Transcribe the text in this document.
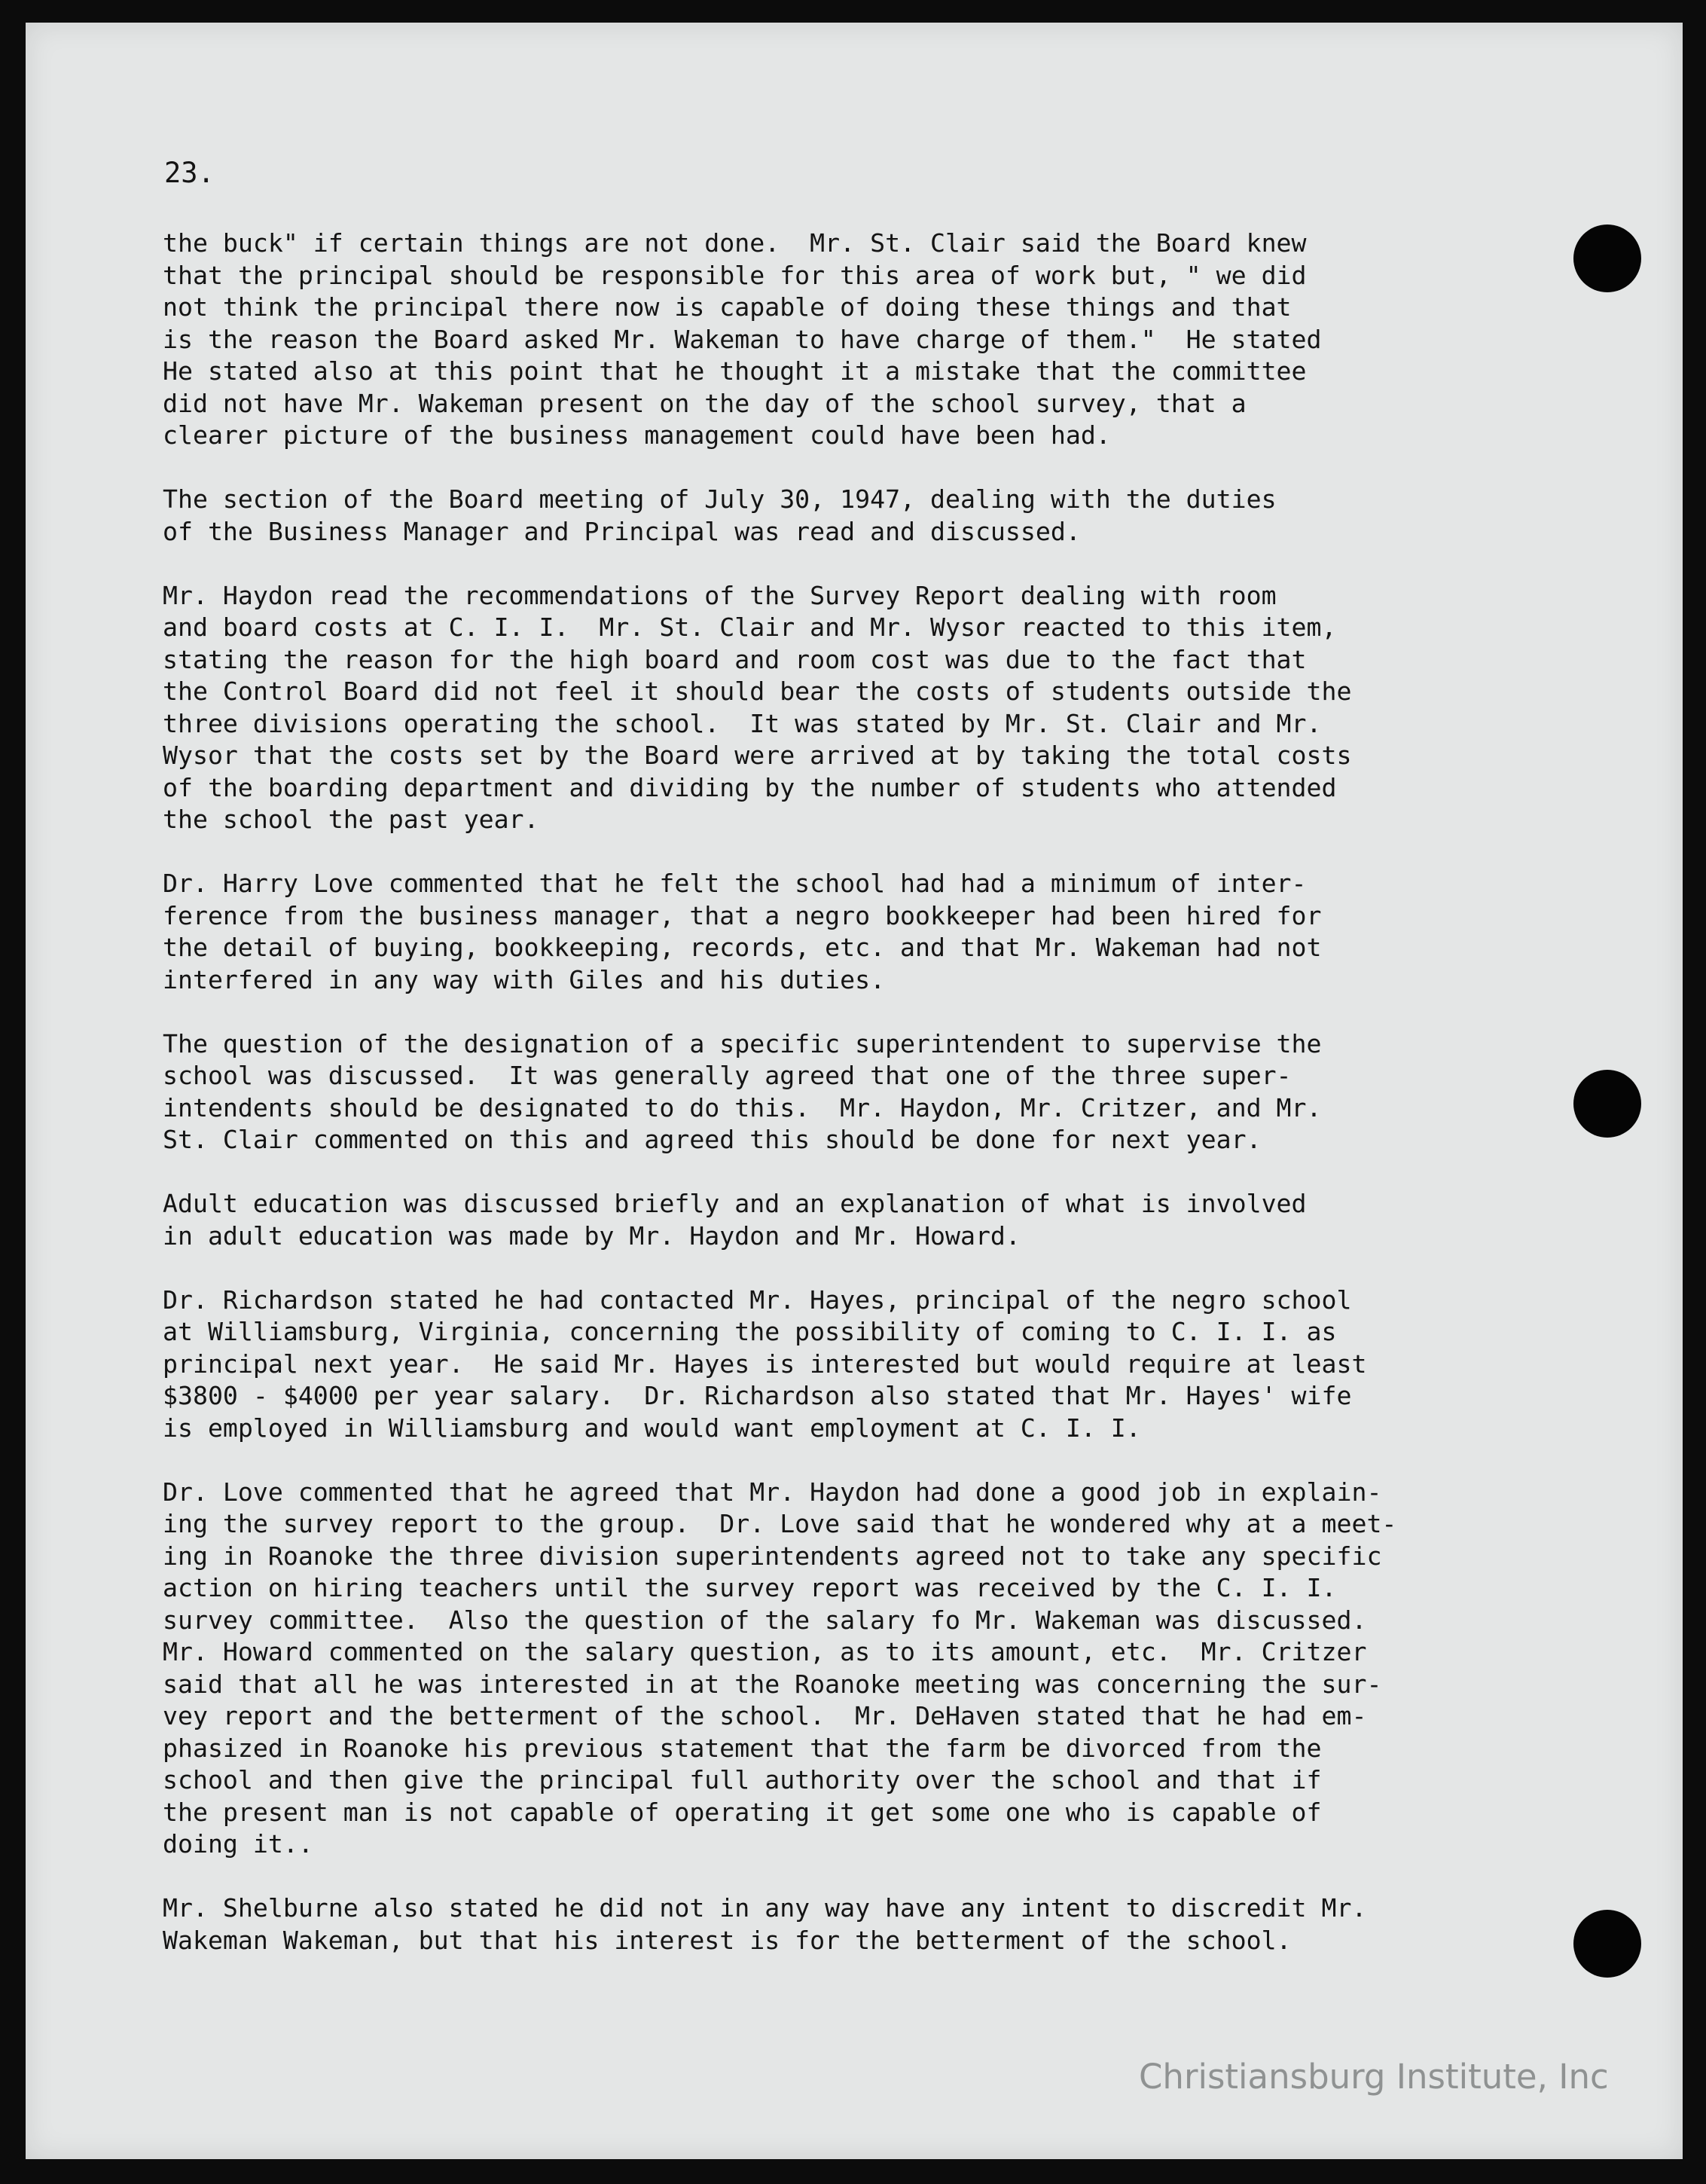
23.

the buck" if certain things are not done.  Mr. St. Clair said the Board knew
that the principal should be responsible for this area of work but, " we did
not think the principal there now is capable of doing these things and that
is the reason the Board asked Mr. Wakeman to have charge of them."  He stated
He stated also at this point that he thought it a mistake that the committee
did not have Mr. Wakeman present on the day of the school survey, that a
clearer picture of the business management could have been had.

The section of the Board meeting of July 30, 1947, dealing with the duties
of the Business Manager and Principal was read and discussed.

Mr. Haydon read the recommendations of the Survey Report dealing with room
and board costs at C. I. I.  Mr. St. Clair and Mr. Wysor reacted to this item,
stating the reason for the high board and room cost was due to the fact that
the Control Board did not feel it should bear the costs of students outside the
three divisions operating the school.  It was stated by Mr. St. Clair and Mr.
Wysor that the costs set by the Board were arrived at by taking the total costs
of the boarding department and dividing by the number of students who attended
the school the past year.

Dr. Harry Love commented that he felt the school had had a minimum of inter-
ference from the business manager, that a negro bookkeeper had been hired for
the detail of buying, bookkeeping, records, etc. and that Mr. Wakeman had not
interfered in any way with Giles and his duties.

The question of the designation of a specific superintendent to supervise the
school was discussed.  It was generally agreed that one of the three super-
intendents should be designated to do this.  Mr. Haydon, Mr. Critzer, and Mr.
St. Clair commented on this and agreed this should be done for next year.

Adult education was discussed briefly and an explanation of what is involved
in adult education was made by Mr. Haydon and Mr. Howard.

Dr. Richardson stated he had contacted Mr. Hayes, principal of the negro school
at Williamsburg, Virginia, concerning the possibility of coming to C. I. I. as
principal next year.  He said Mr. Hayes is interested but would require at least
$3800 - $4000 per year salary.  Dr. Richardson also stated that Mr. Hayes' wife
is employed in Williamsburg and would want employment at C. I. I.

Dr. Love commented that he agreed that Mr. Haydon had done a good job in explain-
ing the survey report to the group.  Dr. Love said that he wondered why at a meet-
ing in Roanoke the three division superintendents agreed not to take any specific
action on hiring teachers until the survey report was received by the C. I. I.
survey committee.  Also the question of the salary fo Mr. Wakeman was discussed.
Mr. Howard commented on the salary question, as to its amount, etc.  Mr. Critzer
said that all he was interested in at the Roanoke meeting was concerning the sur-
vey report and the betterment of the school.  Mr. DeHaven stated that he had em-
phasized in Roanoke his previous statement that the farm be divorced from the
school and then give the principal full authority over the school and that if
the present man is not capable of operating it get some one who is capable of
doing it..

Mr. Shelburne also stated he did not in any way have any intent to discredit Mr.
Wakeman Wakeman, but that his interest is for the betterment of the school.

Christiansburg Institute, Inc
